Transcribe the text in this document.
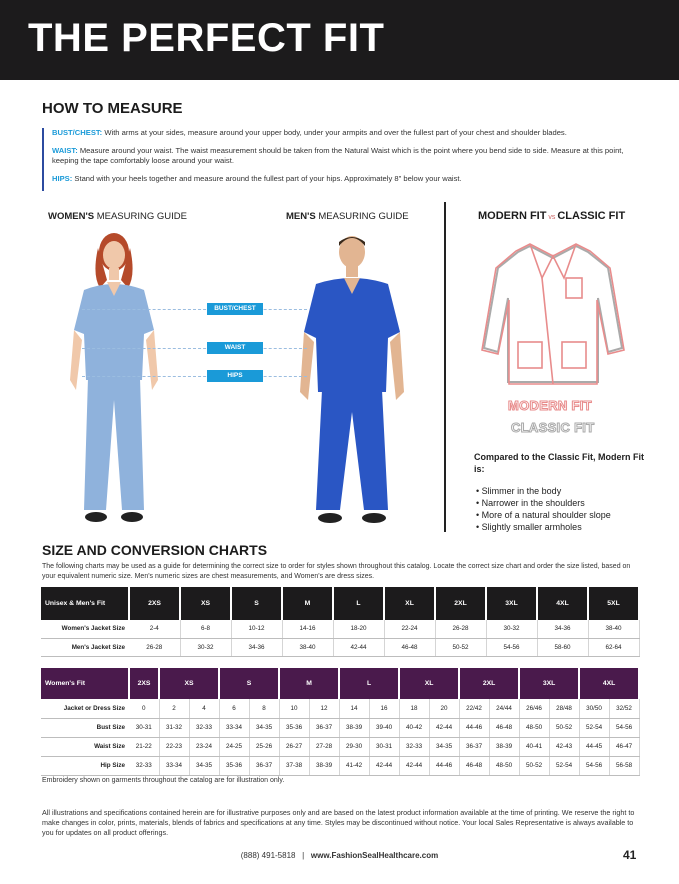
THE PERFECT FIT
HOW TO MEASURE

BUST/CHEST: With arms at your sides, measure around your upper body, under your armpits and over the fullest part of your chest and shoulder blades.

WAIST: Measure around your waist. The waist measurement should be taken from the Natural Waist which is the point where you bend side to side. Measure at this point, keeping the tape comfortably loose around your waist.

HIPS: Stand with your heels together and measure around the fullest part of your hips. Approximately 8" below your waist.

WOMEN'S MEASURING GUIDE	MEN'S MEASURING GUIDE
BUST/CHEST
WAIST
HIPS
MODERN FIT vs CLASSIC FIT
MODERN FIT
CLASSIC FIT
Compared to the Classic Fit, Modern Fit is:
• Slimmer in the body
• Narrower in the shoulders
• More of a natural shoulder slope
• Slightly smaller armholes
SIZE AND CONVERSION CHARTS
The following charts may be used as a guide for determining the correct size to order for styles shown throughout this catalog. Locate the correct size chart and order the size listed, based on your equivalent numeric size. Men's numeric sizes are chest measurements, and Women's are dress sizes.
Unisex & Men's Fit	2XS	XS	S	M	L	XL	2XL	3XL	4XL	5XL
Women's Jacket Size	2-4	6-8	10-12	14-16	18-20	22-24	26-28	30-32	34-36	38-40
Men's Jacket Size	26-28	30-32	34-36	38-40	42-44	46-48	50-52	54-56	58-60	62-64
Women's Fit	2XS	XS		S		M		L		XL		2XL		3XL		4XL	
Jacket or Dress Size	0	2	4	6	8	10	12	14	16	18	20	22/42	24/44	26/46	28/48	30/50	32/52
Bust Size	30-31	31-32	32-33	33-34	34-35	35-36	36-37	38-39	39-40	40-42	42-44	44-46	46-48	48-50	50-52	52-54	54-56
Waist Size	21-22	22-23	23-24	24-25	25-26	26-27	27-28	29-30	30-31	32-33	34-35	36-37	38-39	40-41	42-43	44-45	46-47
Hip Size	32-33	33-34	34-35	35-36	36-37	37-38	38-39	41-42	42-44	42-44	44-46	46-48	48-50	50-52	52-54	54-56	56-58
Embroidery shown on garments throughout the catalog are for illustration only.
All illustrations and specifications contained herein are for illustrative purposes only and are based on the latest product information available at the time of printing. We reserve the right to make changes in color, prints, materials, blends of fabrics and specifications at any time. Styles may be discontinued without notice. Your local Sales Representative is always available to you for updates on all product offerings.
(888) 491-5818 | www.FashionSealHealthcare.com	41
